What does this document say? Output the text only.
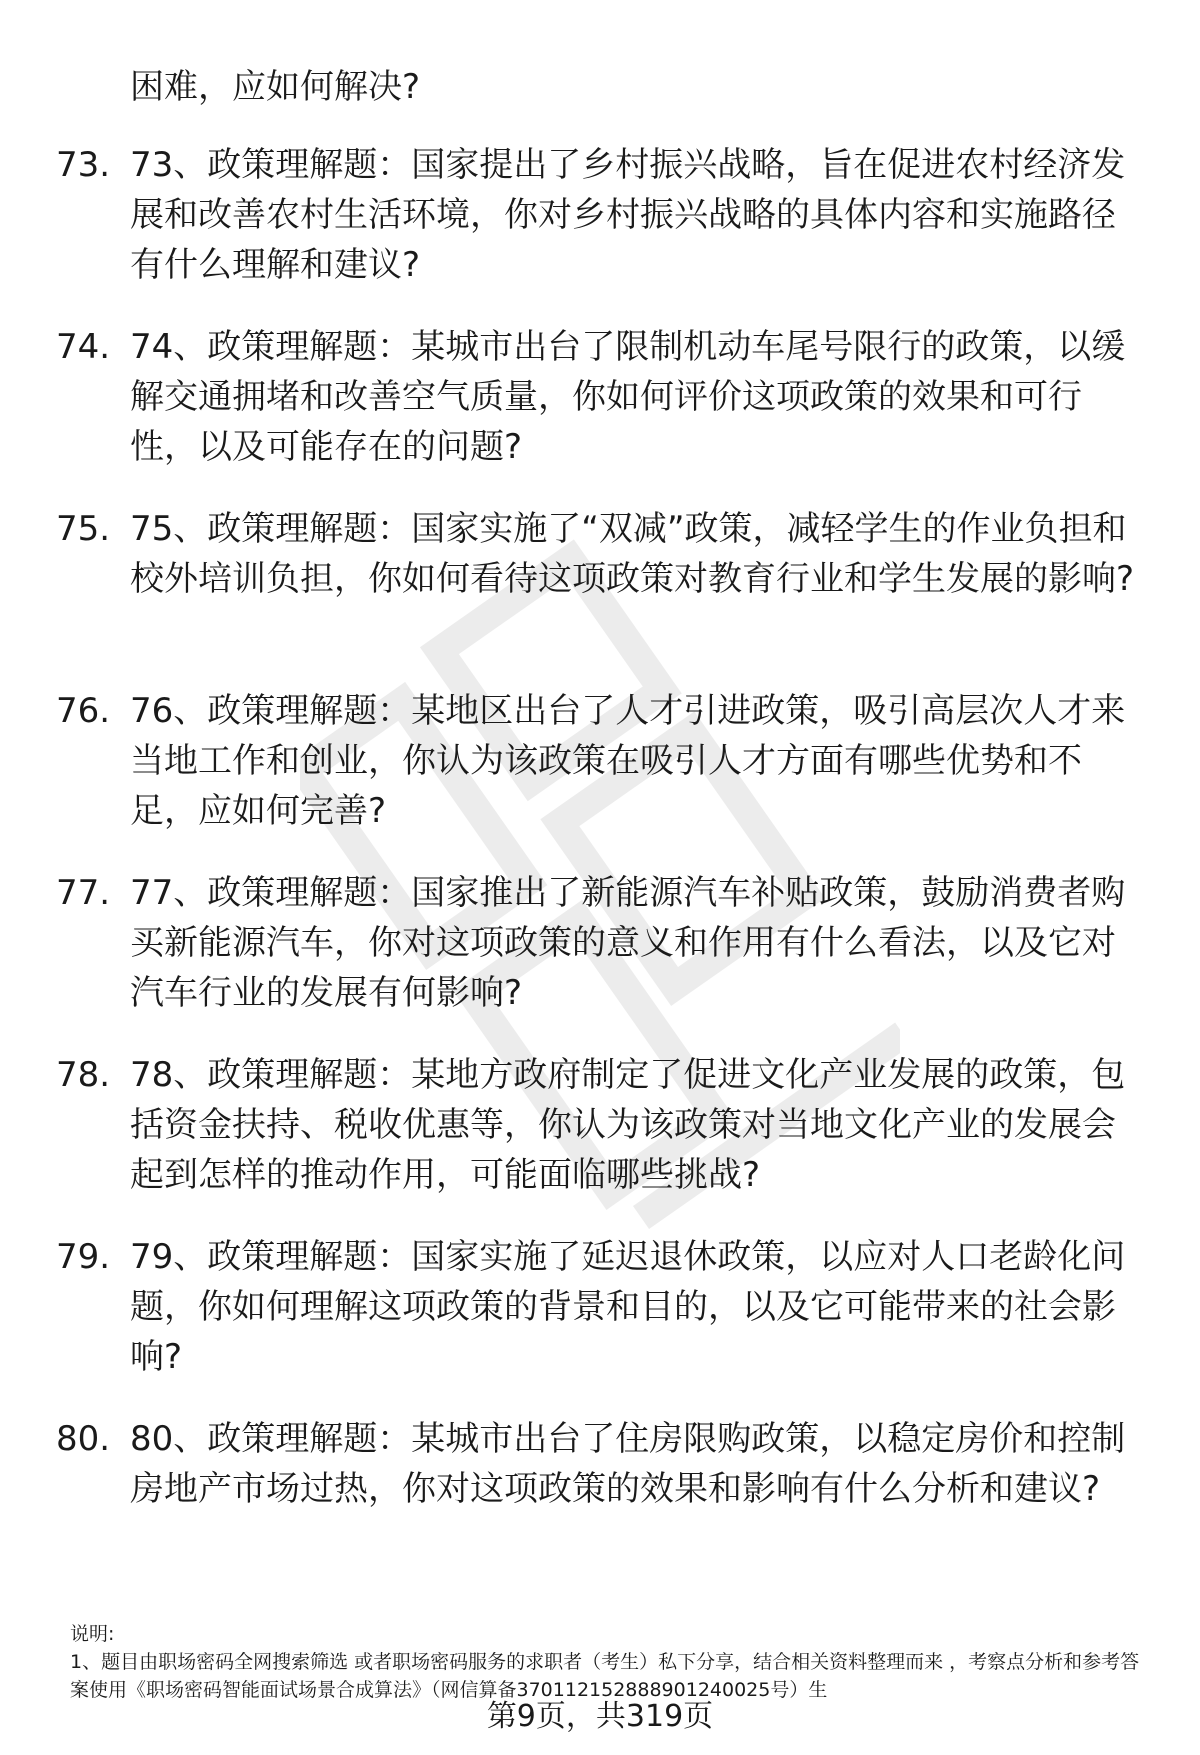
困难，应如何解决?

73. 73、政策理解题：国家提出了乡村振兴战略，旨在促进农村经济发展和改善农村生活环境，你对乡村振兴战略的具体内容和实施路径有什么理解和建议?

74. 74、政策理解题：某城市出台了限制机动车尾号限行的政策，以缓解交通拥堵和改善空气质量，你如何评价这项政策的效果和可行性，以及可能存在的问题?

75. 75、政策理解题：国家实施了“双减”政策，减轻学生的作业负担和校外培训负担，你如何看待这项政策对教育行业和学生发展的影响?

76. 76、政策理解题：某地区出台了人才引进政策，吸引高层次人才来当地工作和创业，你认为该政策在吸引人才方面有哪些优势和不足，应如何完善?

77. 77、政策理解题：国家推出了新能源汽车补贴政策，鼓励消费者购买新能源汽车，你对这项政策的意义和作用有什么看法，以及它对汽车行业的发展有何影响?

78. 78、政策理解题：某地方政府制定了促进文化产业发展的政策，包括资金扶持、税收优惠等，你认为该政策对当地文化产业的发展会起到怎样的推动作用，可能面临哪些挑战?

79. 79、政策理解题：国家实施了延迟退休政策，以应对人口老龄化问题，你如何理解这项政策的背景和目的，以及它可能带来的社会影响?

80. 80、政策理解题：某城市出台了住房限购政策，以稳定房价和控制房地产市场过热，你对这项政策的效果和影响有什么分析和建议?

说明:

1、题目由职场密码全网搜索筛选 或者职场密码服务的求职者（考生）私下分享，结合相关资料整理而来 ，考察点分析和参考答案使用《职场密码智能面试场景合成算法》（网信算备370112152888901240025号）生

第9页，共319页
